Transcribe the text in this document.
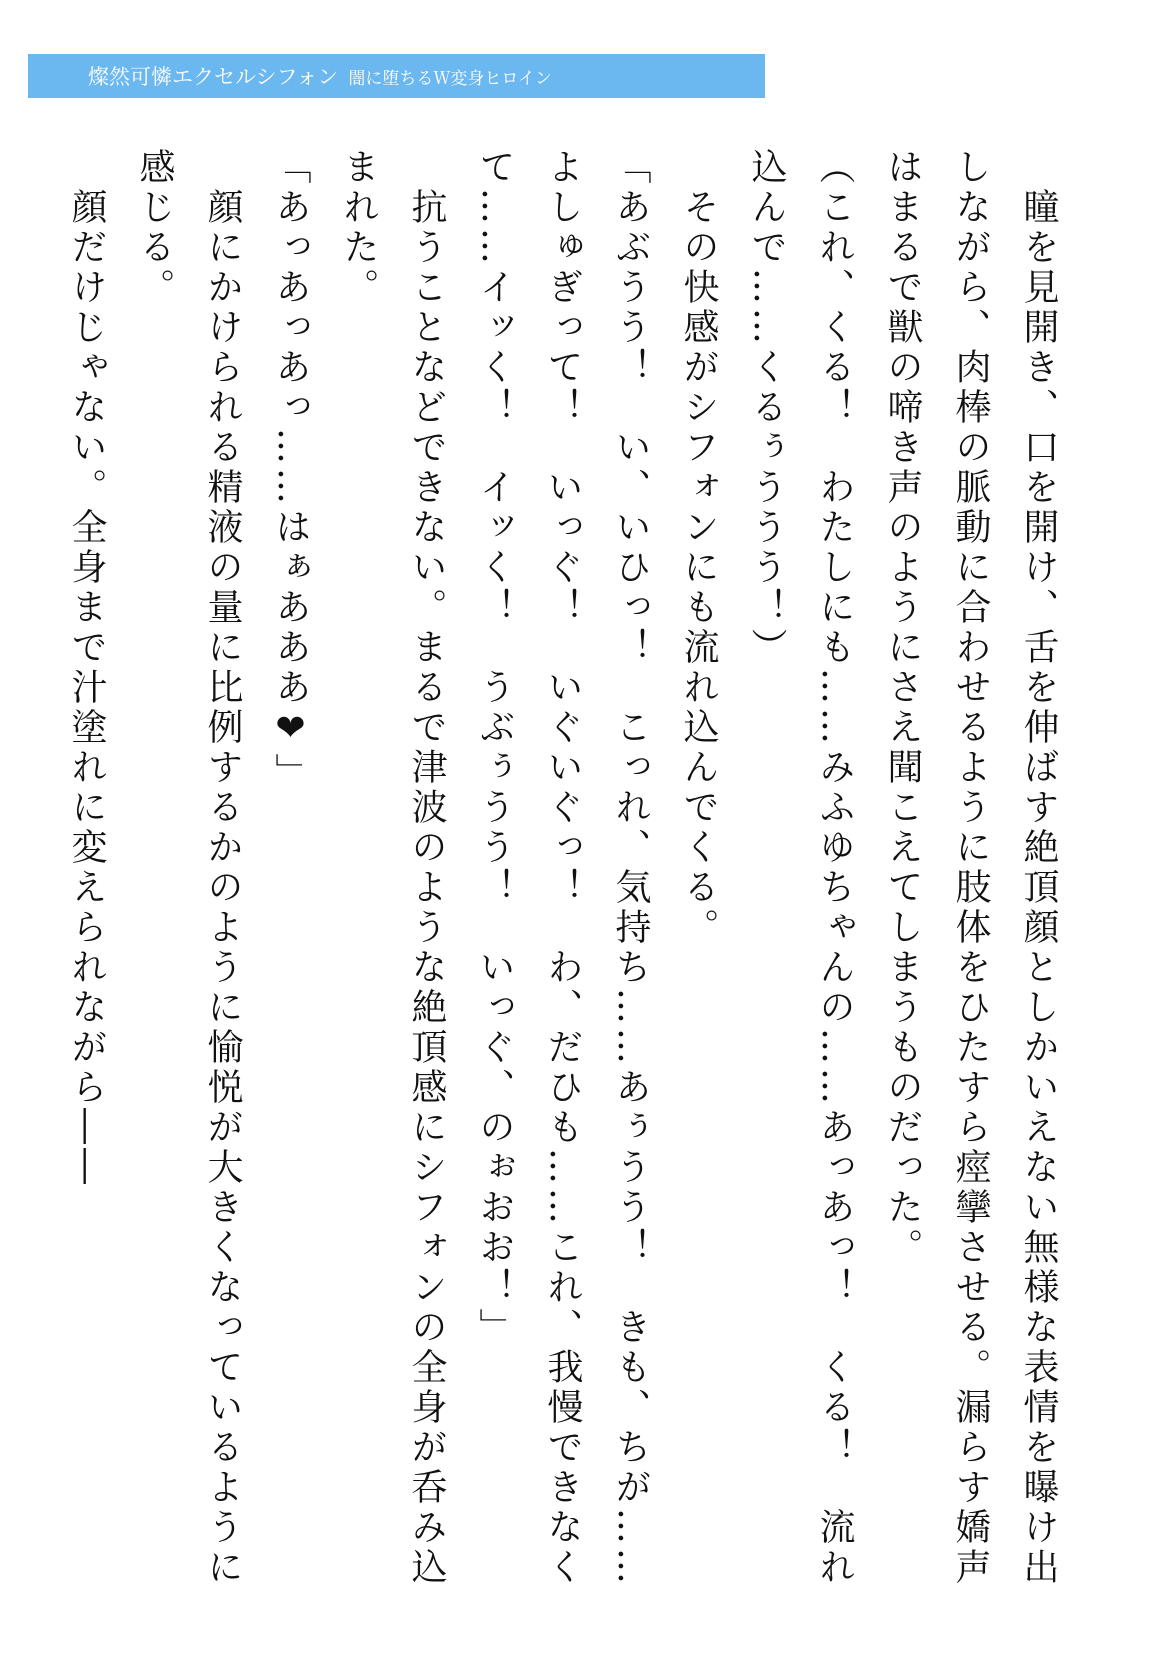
燦然可憐エクセルシフォン 闇に堕ちるＷ変身ヒロイン

　瞳を見開き、口を開け、舌を伸ばす絶頂顔としかいえない無様な表情を曝け出しながら、肉棒の脈動に合わせるように肢体をひたすら痙攣させる。漏らす嬌声はまるで獣の啼き声のようにさえ聞こえてしまうものだった。

（これ、くる！　わたしにも……みふゆちゃんの……あっあっ！　くる！　流れ込んで……くるぅううう！）

　その快感がシフォンにも流れ込んでくる。

「あぶうう！　い、いひっ！　こっれ、気持ち……あぅうう！　きも、ちが……よしゅぎって！　いっぐ！　いぐいぐっ！　わ、だひも……これ、我慢できなくて……イッく！　イッく！　うぶぅうう！　いっぐ、のぉおお！」

　抗うことなどできない。まるで津波のような絶頂感にシフォンの全身が呑み込まれた。

「あっあっあっ……はぁあああ❤」

　顔にかけられる精液の量に比例するかのように愉悦が大きくなっているように感じる。

　顔だけじゃない。全身まで汁塗れに変えられながら――
